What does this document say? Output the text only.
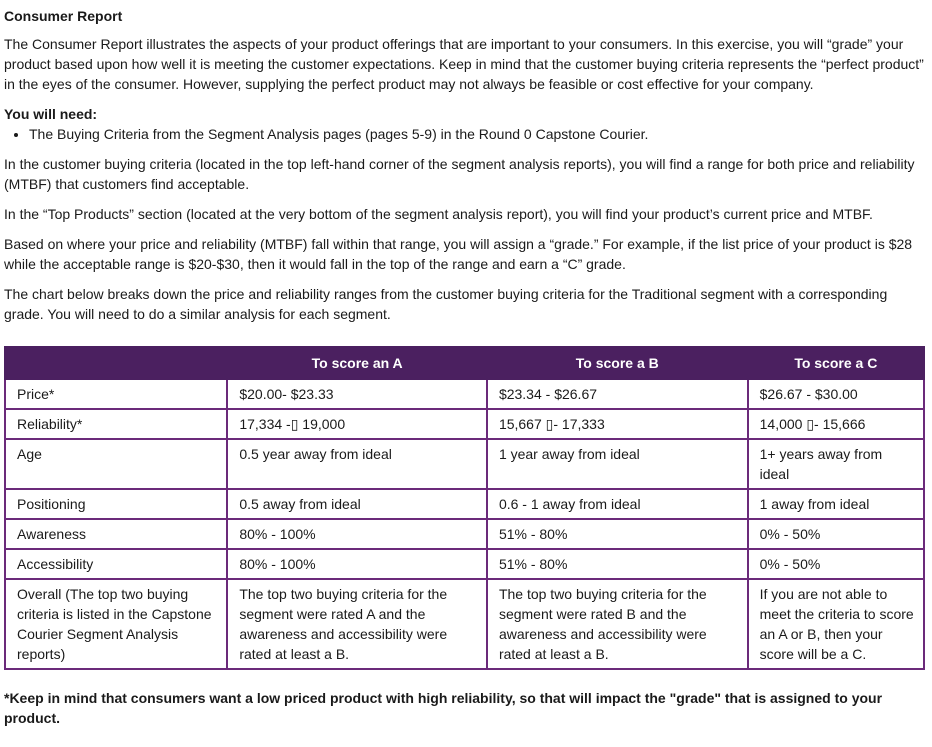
Consumer Report

The Consumer Report illustrates the aspects of your product offerings that are important to your consumers. In this exercise, you will “grade” your product based upon how well it is meeting the customer expectations. Keep in mind that the customer buying criteria represents the “perfect product” in the eyes of the consumer. However, supplying the perfect product may not always be feasible or cost effective for your company.

You will need:
• The Buying Criteria from the Segment Analysis pages (pages 5-9) in the Round 0 Capstone Courier.

In the customer buying criteria (located in the top left-hand corner of the segment analysis reports), you will find a range for both price and reliability (MTBF) that customers find acceptable.

In the “Top Products” section (located at the very bottom of the segment analysis report), you will find your product’s current price and MTBF.

Based on where your price and reliability (MTBF) fall within that range, you will assign a “grade.” For example, if the list price of your product is $28 while the acceptable range is $20-$30, then it would fall in the top of the range and earn a “C” grade.

The chart below breaks down the price and reliability ranges from the customer buying criteria for the Traditional segment with a corresponding grade. You will need to do a similar analysis for each segment.

	To score an A	To score a B	To score a C
Price*	$20.00- $23.33	$23.34 - $26.67	$26.67 - $30.00
Reliability*	17,334 -▯ 19,000	15,667 ▯- 17,333	14,000 ▯- 15,666
Age	0.5 year away from ideal	1 year away from ideal	1+ years away from ideal
Positioning	0.5 away from ideal	0.6 - 1 away from ideal	1 away from ideal
Awareness	80% - 100%	51% - 80%	0% - 50%
Accessibility	80% - 100%	51% - 80%	0% - 50%
Overall (The top two buying criteria is listed in the Capstone Courier Segment Analysis reports)	The top two buying criteria for the segment were rated A and the awareness and accessibility were rated at least a B.	The top two buying criteria for the segment were rated B and the awareness and accessibility were rated at least a B.	If you are not able to meet the criteria to score an A or B, then your score will be a C.

*Keep in mind that consumers want a low priced product with high reliability, so that will impact the "grade" that is assigned to your product.
